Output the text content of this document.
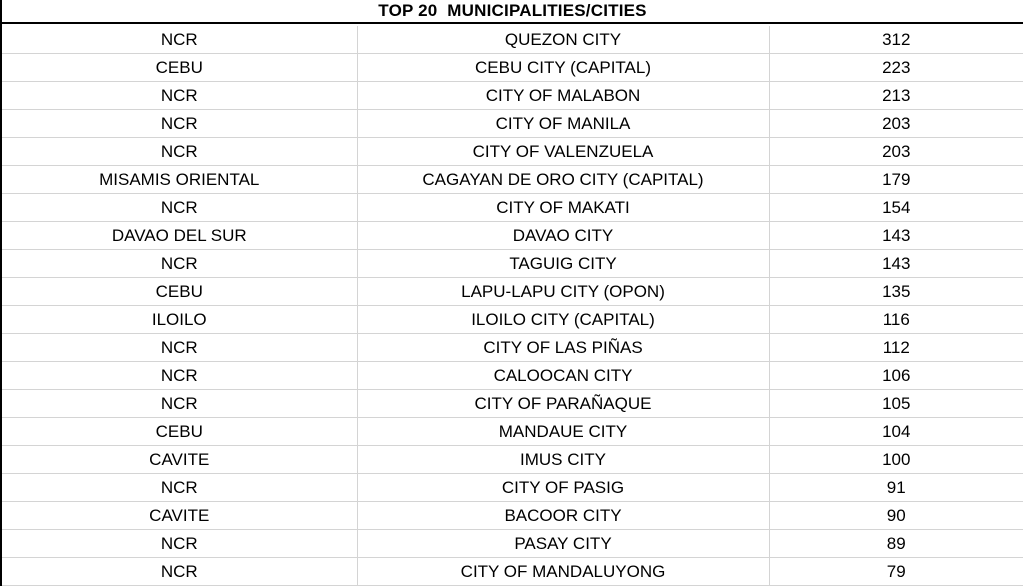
TOP 20  MUNICIPALITIES/CITIES
NCR	QUEZON CITY	312
CEBU	CEBU CITY (CAPITAL)	223
NCR	CITY OF MALABON	213
NCR	CITY OF MANILA	203
NCR	CITY OF VALENZUELA	203
MISAMIS ORIENTAL	CAGAYAN DE ORO CITY (CAPITAL)	179
NCR	CITY OF MAKATI	154
DAVAO DEL SUR	DAVAO CITY	143
NCR	TAGUIG CITY	143
CEBU	LAPU-LAPU CITY (OPON)	135
ILOILO	ILOILO CITY (CAPITAL)	116
NCR	CITY OF LAS PIÑAS	112
NCR	CALOOCAN CITY	106
NCR	CITY OF PARAÑAQUE	105
CEBU	MANDAUE CITY	104
CAVITE	IMUS CITY	100
NCR	CITY OF PASIG	91
CAVITE	BACOOR CITY	90
NCR	PASAY CITY	89
NCR	CITY OF MANDALUYONG	79
